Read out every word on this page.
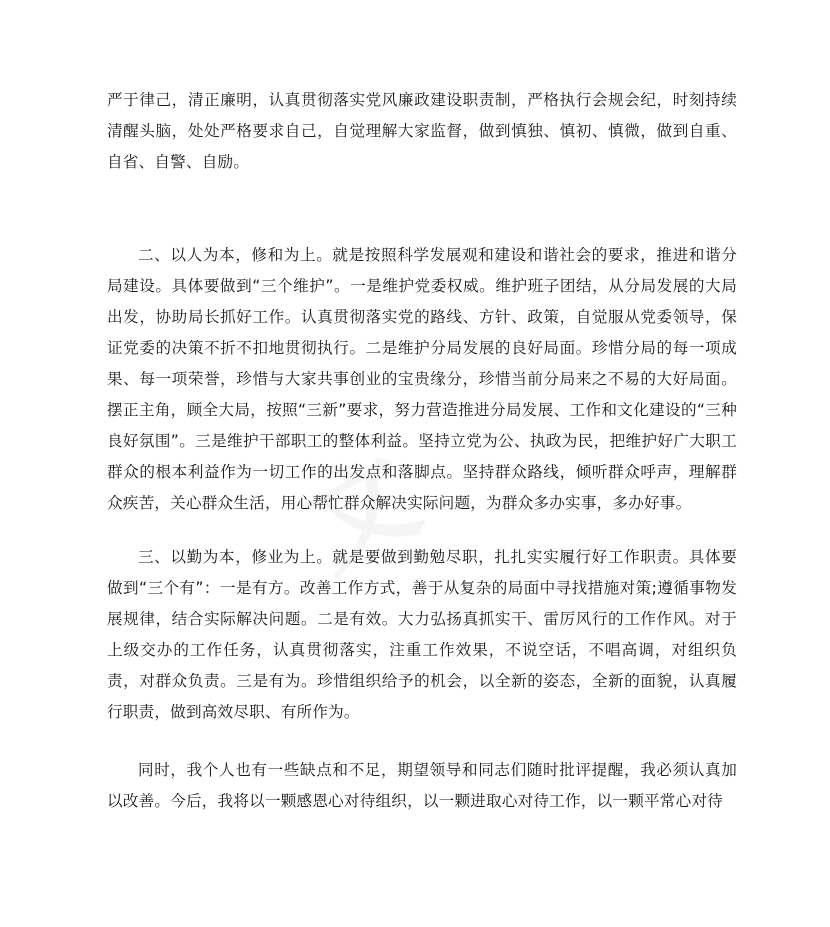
文

严于律己，清正廉明，认真贯彻落实党风廉政建设职责制，严格执行会规会纪，时刻持续清醒头脑，处处严格要求自己，自觉理解大家监督，做到慎独、慎初、慎微，做到自重、自省、自警、自励。

二、以人为本，修和为上。就是按照科学发展观和建设和谐社会的要求，推进和谐分局建设。具体要做到“三个维护”。一是维护党委权威。维护班子团结，从分局发展的大局出发，协助局长抓好工作。认真贯彻落实党的路线、方针、政策，自觉服从党委领导，保证党委的决策不折不扣地贯彻执行。二是维护分局发展的良好局面。珍惜分局的每一项成果、每一项荣誉，珍惜与大家共事创业的宝贵缘分，珍惜当前分局来之不易的大好局面。摆正主角，顾全大局，按照“三新”要求，努力营造推进分局发展、工作和文化建设的“三种良好氛围”。三是维护干部职工的整体利益。坚持立党为公、执政为民，把维护好广大职工群众的根本利益作为一切工作的出发点和落脚点。坚持群众路线，倾听群众呼声，理解群众疾苦，关心群众生活，用心帮忙群众解决实际问题，为群众多办实事，多办好事。

三、以勤为本，修业为上。就是要做到勤勉尽职，扎扎实实履行好工作职责。具体要做到“三个有”：一是有方。改善工作方式，善于从复杂的局面中寻找措施对策;遵循事物发展规律，结合实际解决问题。二是有效。大力弘扬真抓实干、雷厉风行的工作作风。对于上级交办的工作任务，认真贯彻落实，注重工作效果，不说空话，不唱高调，对组织负责，对群众负责。三是有为。珍惜组织给予的机会，以全新的姿态，全新的面貌，认真履行职责，做到高效尽职、有所作为。

同时，我个人也有一些缺点和不足，期望领导和同志们随时批评提醒，我必须认真加以改善。今后，我将以一颗感恩心对待组织，以一颗进取心对待工作，以一颗平常心对待
